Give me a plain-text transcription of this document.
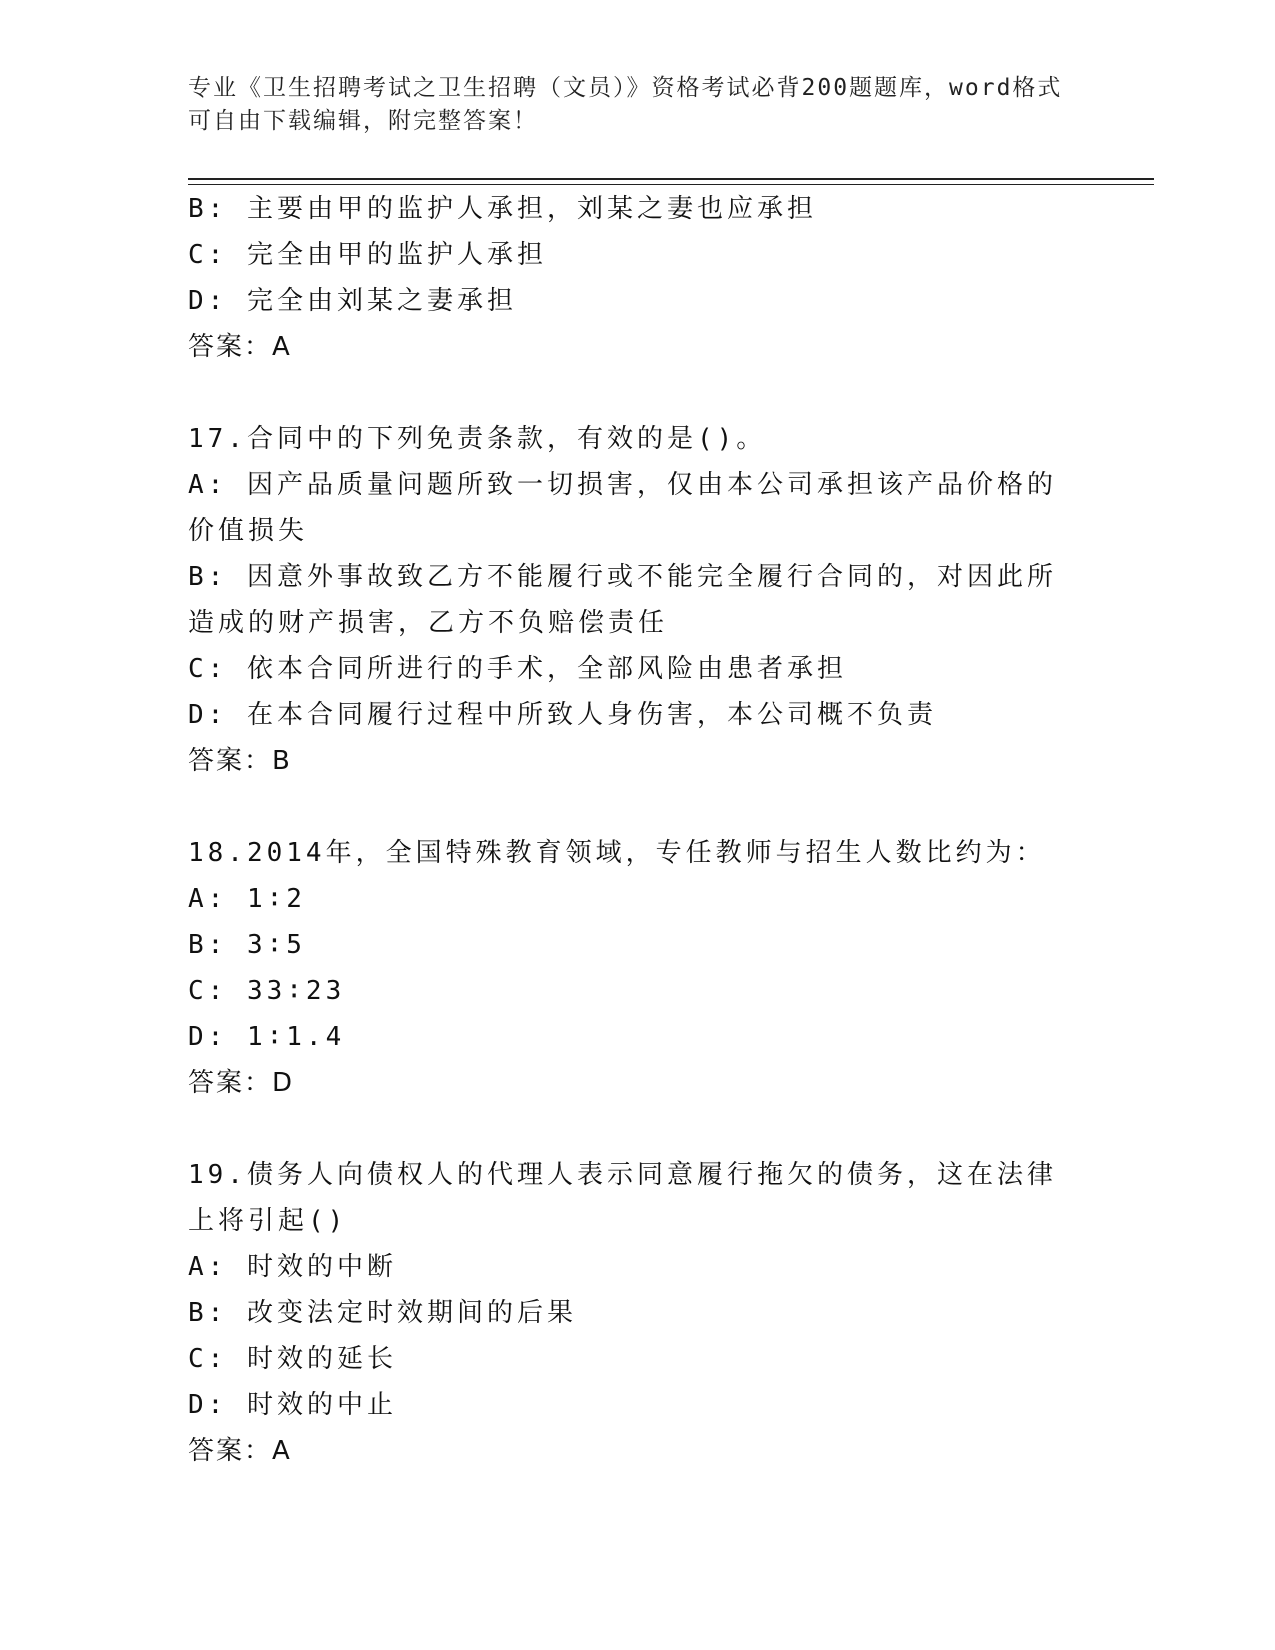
专业《卫生招聘考试之卫生招聘（文员）》资格考试必背200题题库，word格式
可自由下载编辑，附完整答案！

B: 主要由甲的监护人承担，刘某之妻也应承担

C: 完全由甲的监护人承担

D: 完全由刘某之妻承担

答案：A

17.合同中的下列免责条款，有效的是()。

A: 因产品质量问题所致一切损害，仅由本公司承担该产品价格的价值损失

B: 因意外事故致乙方不能履行或不能完全履行合同的，对因此所造成的财产损害，乙方不负赔偿责任

C: 依本合同所进行的手术，全部风险由患者承担

D: 在本合同履行过程中所致人身伤害，本公司概不负责

答案：B

18.2014年，全国特殊教育领域，专任教师与招生人数比约为：

A: 1∶2

B: 3∶5

C: 33∶23

D: 1∶1.4

答案：D

19.债务人向债权人的代理人表示同意履行拖欠的债务，这在法律上将引起()

A: 时效的中断

B: 改变法定时效期间的后果

C: 时效的延长

D: 时效的中止

答案：A
